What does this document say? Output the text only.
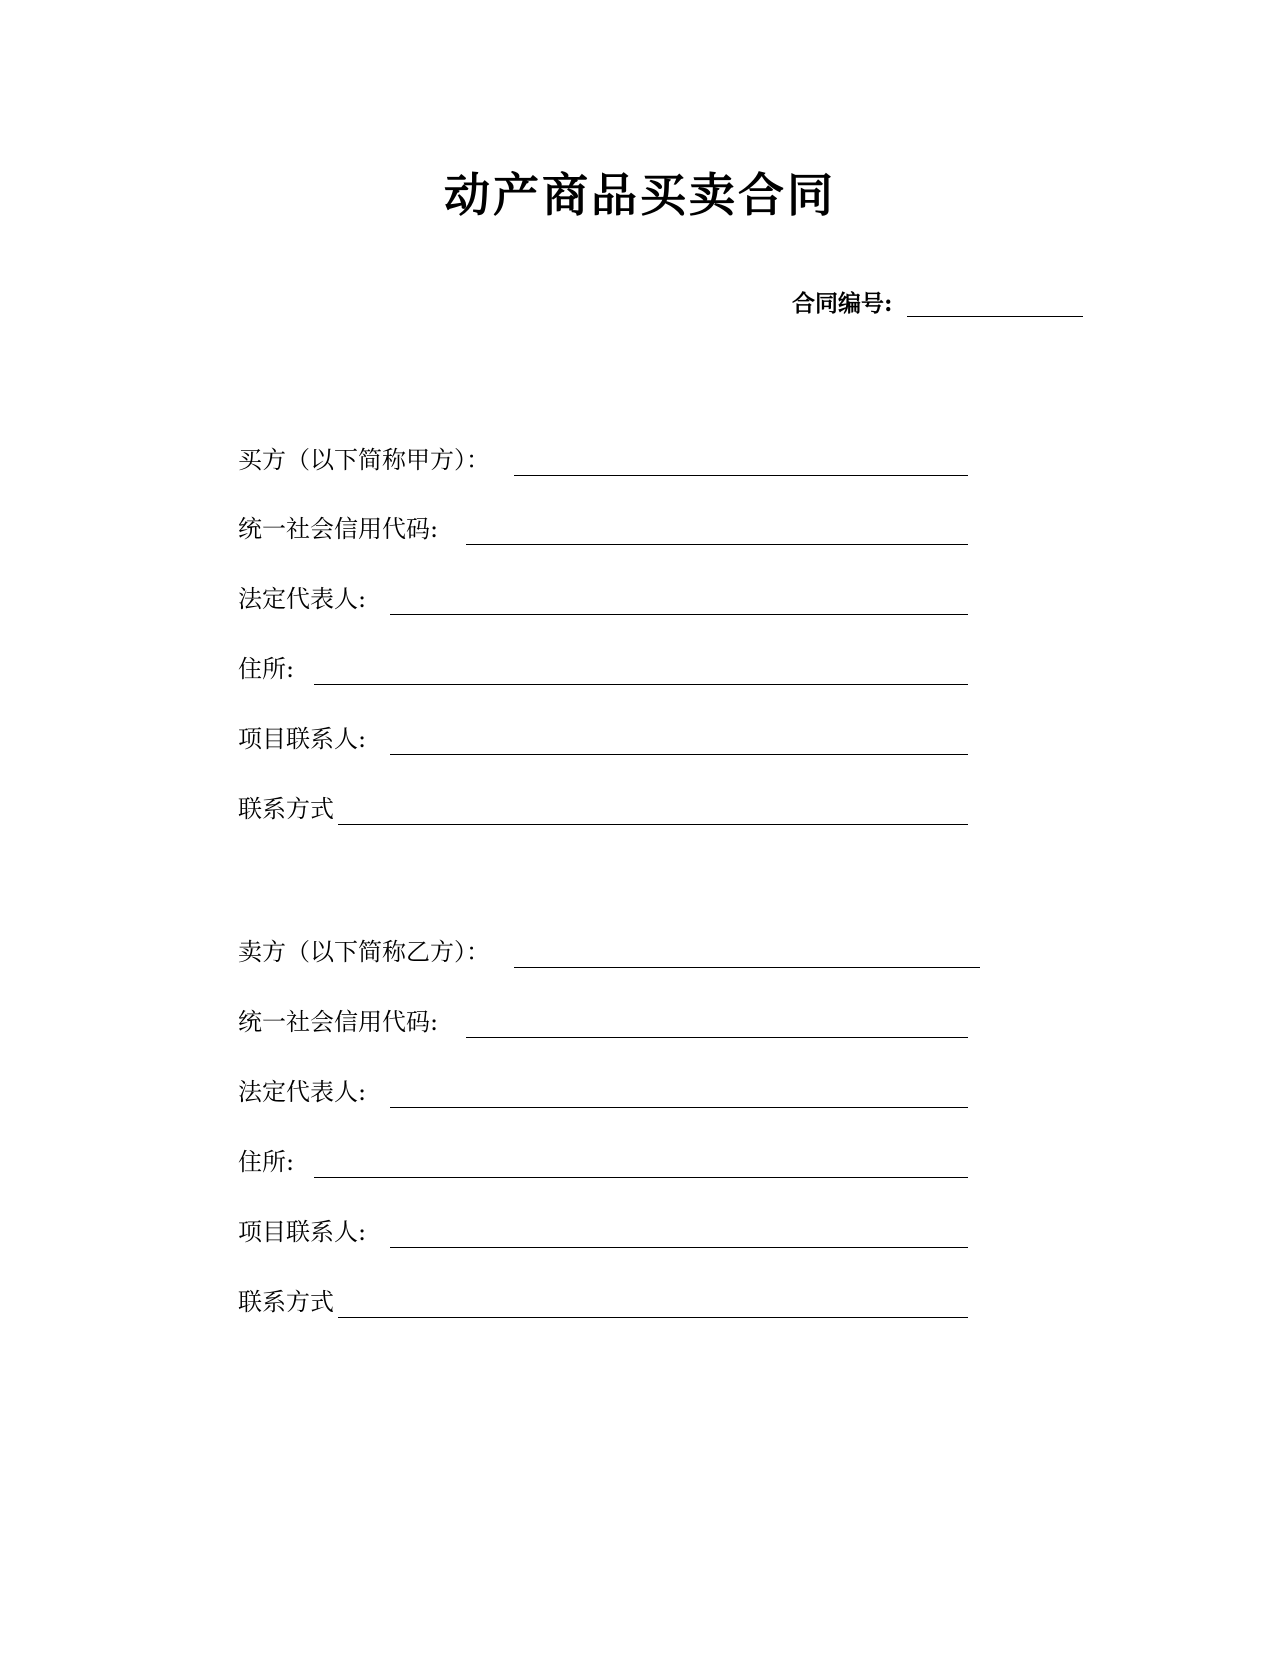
动产商品买卖合同
合同编号:
买方（以下简称甲方）：
统一社会信用代码:
法定代表人:
住所:
项目联系人:
联系方式
卖方（以下简称乙方）：
统一社会信用代码:
法定代表人:
住所:
项目联系人:
联系方式
